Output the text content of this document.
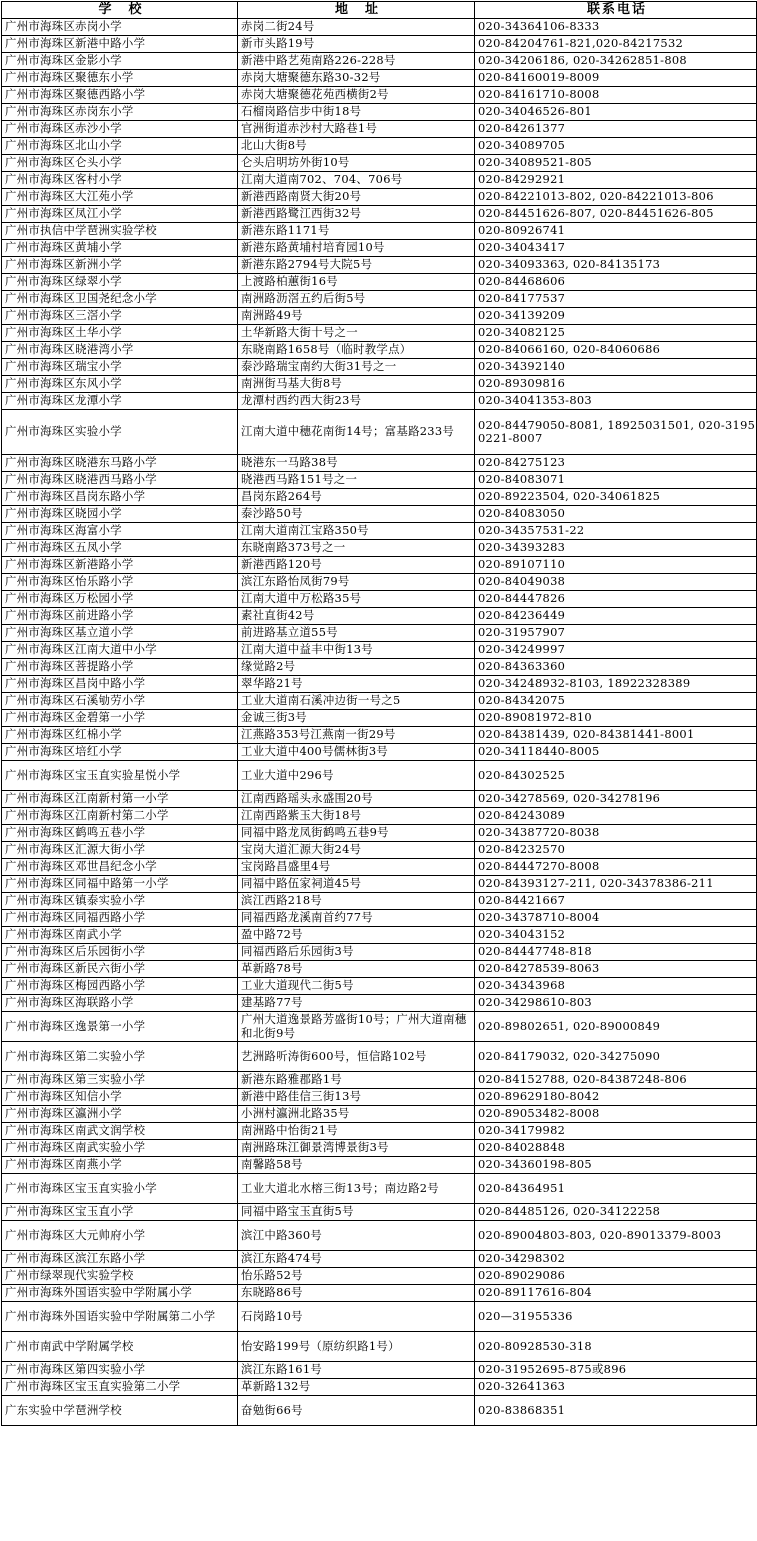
学　校	地　址	联系电话
广州市海珠区赤岗小学	赤岗二街24号	020-34364106-8333
广州市海珠区新港中路小学	新市头路19号	020-84204761-821,020-84217532
广州市海珠区金影小学	新港中路艺苑南路226-228号	020-34206186, 020-34262851-808
广州市海珠区聚德东小学	赤岗大塘聚德东路30-32号	020-84160019-8009
广州市海珠区聚德西路小学	赤岗大塘聚德花苑西横街2号	020-84161710-8008
广州市海珠区赤岗东小学	石榴岗路信步中街18号	020-34046526-801
广州市海珠区赤沙小学	官洲街道赤沙村大路巷1号	020-84261377
广州市海珠区北山小学	北山大街8号	020-34089705
广州市海珠区仑头小学	仑头启明坊外街10号	020-34089521-805
广州市海珠区客村小学	江南大道南702、704、706号	020-84292921
广州市海珠区大江苑小学	新港西路南贤大街20号	020-84221013-802, 020-84221013-806
广州市海珠区凤江小学	新港西路鹭江西街32号	020-84451626-807, 020-84451626-805
广州市执信中学琶洲实验学校	新港东路1171号	020-80926741
广州市海珠区黄埔小学	新港东路黄埔村培育园10号	020-34043417
广州市海珠区新洲小学	新港东路2794号大院5号	020-34093363, 020-84135173
广州市海珠区绿翠小学	上渡路柏蕙街16号	020-84468606
广州市海珠区卫国尧纪念小学	南洲路沥滘五约后街5号	020-84177537
广州市海珠区三滘小学	南洲路49号	020-34139209
广州市海珠区土华小学	土华新路大街十号之一	020-34082125
广州市海珠区晓港湾小学	东晓南路1658号（临时教学点）	020-84066160, 020-84060686
广州市海珠区瑞宝小学	泰沙路瑞宝南约大街31号之一	020-34392140
广州市海珠区东风小学	南洲街马基大街8号	020-89309816
广州市海珠区龙潭小学	龙潭村西约西大街23号	020-34041353-803
广州市海珠区实验小学	江南大道中穗花南街14号；富基路233号	020-84479050-8081, 18925031501, 020-31950221-8007
广州市海珠区晓港东马路小学	晓港东一马路38号	020-84275123
广州市海珠区晓港西马路小学	晓港西马路151号之一	020-84083071
广州市海珠区昌岗东路小学	昌岗东路264号	020-89223504, 020-34061825
广州市海珠区晓园小学	泰沙路50号	020-84083050
广州市海珠区海富小学	江南大道南江宝路350号	020-34357531-22
广州市海珠区五凤小学	东晓南路373号之一	020-34393283
广州市海珠区新港路小学	新港西路120号	020-89107110
广州市海珠区怡乐路小学	滨江东路怡凤街79号	020-84049038
广州市海珠区万松园小学	江南大道中万松路35号	020-84447826
广州市海珠区前进路小学	素社直街42号	020-84236449
广州市海珠区基立道小学	前进路基立道55号	020-31957907
广州市海珠区江南大道中小学	江南大道中益丰中街13号	020-34249997
广州市海珠区菩提路小学	缘觉路2号	020-84363360
广州市海珠区昌岗中路小学	翠华路21号	020-34248932-8103, 18922328389
广州市海珠区石溪劬劳小学	工业大道南石溪冲边街一号之5	020-84342075
广州市海珠区金碧第一小学	金诚三街3号	020-89081972-810
广州市海珠区红棉小学	江燕路353号江燕南一街29号	020-84381439, 020-84381441-8001
广州市海珠区培红小学	工业大道中400号儒林街3号	020-34118440-8005
广州市海珠区宝玉直实验星悦小学	工业大道中296号	020-84302525
广州市海珠区江南新村第一小学	江南西路瑶头永盛围20号	020-34278569, 020-34278196
广州市海珠区江南新村第二小学	江南西路紫玉大街18号	020-84243089
广州市海珠区鹤鸣五巷小学	同福中路龙凤街鹤鸣五巷9号	020-34387720-8038
广州市海珠区汇源大街小学	宝岗大道汇源大街24号	020-84232570
广州市海珠区邓世昌纪念小学	宝岗路昌盛里4号	020-84447270-8008
广州市海珠区同福中路第一小学	同福中路伍家祠道45号	020-84393127-211, 020-34378386-211
广州市海珠区镇泰实验小学	滨江西路218号	020-84421667
广州市海珠区同福西路小学	同福西路龙溪南首约77号	020-34378710-8004
广州市海珠区南武小学	盈中路72号	020-34043152
广州市海珠区后乐园街小学	同福西路后乐园街3号	020-84447748-818
广州市海珠区新民六街小学	革新路78号	020-84278539-8063
广州市海珠区梅园西路小学	工业大道现代二街5号	020-34343968
广州市海珠区海联路小学	建基路77号	020-34298610-803
广州市海珠区逸景第一小学	广州大道逸景路芳盛街10号；广州大道南穗和北街9号	020-89802651, 020-89000849
广州市海珠区第二实验小学	艺洲路听涛街600号，恒信路102号	020-84179032, 020-34275090
广州市海珠区第三实验小学	新港东路雅郡路1号	020-84152788, 020-84387248-806
广州市海珠区知信小学	新港中路佳信三街13号	020-89629180-8042
广州市海珠区瀛洲小学	小洲村瀛洲北路35号	020-89053482-8008
广州市海珠区南武文润学校	南洲路中怡街21号	020-34179982
广州市海珠区南武实验小学	南洲路珠江御景湾博景街3号	020-84028848
广州市海珠区南燕小学	南馨路58号	020-34360198-805
广州市海珠区宝玉直实验小学	工业大道北水榕三街13号；南边路2号	020-84364951
广州市海珠区宝玉直小学	同福中路宝玉直街5号	020-84485126, 020-34122258
广州市海珠区大元帅府小学	滨江中路360号	020-89004803-803, 020-89013379-8003
广州市海珠区滨江东路小学	滨江东路474号	020-34298302
广州市绿翠现代实验学校	怡乐路52号	020-89029086
广州市海珠外国语实验中学附属小学	东晓路86号	020-89117616-804
广州市海珠外国语实验中学附属第二小学	石岗路10号	020—31955336
广州市南武中学附属学校	怡安路199号（原纺织路1号）	020-80928530-318
广州市海珠区第四实验小学	滨江东路161号	020-31952695-875或896
广州市海珠区宝玉直实验第二小学	革新路132号	020-32641363
广东实验中学琶洲学校	奋勉街66号	020-83868351
